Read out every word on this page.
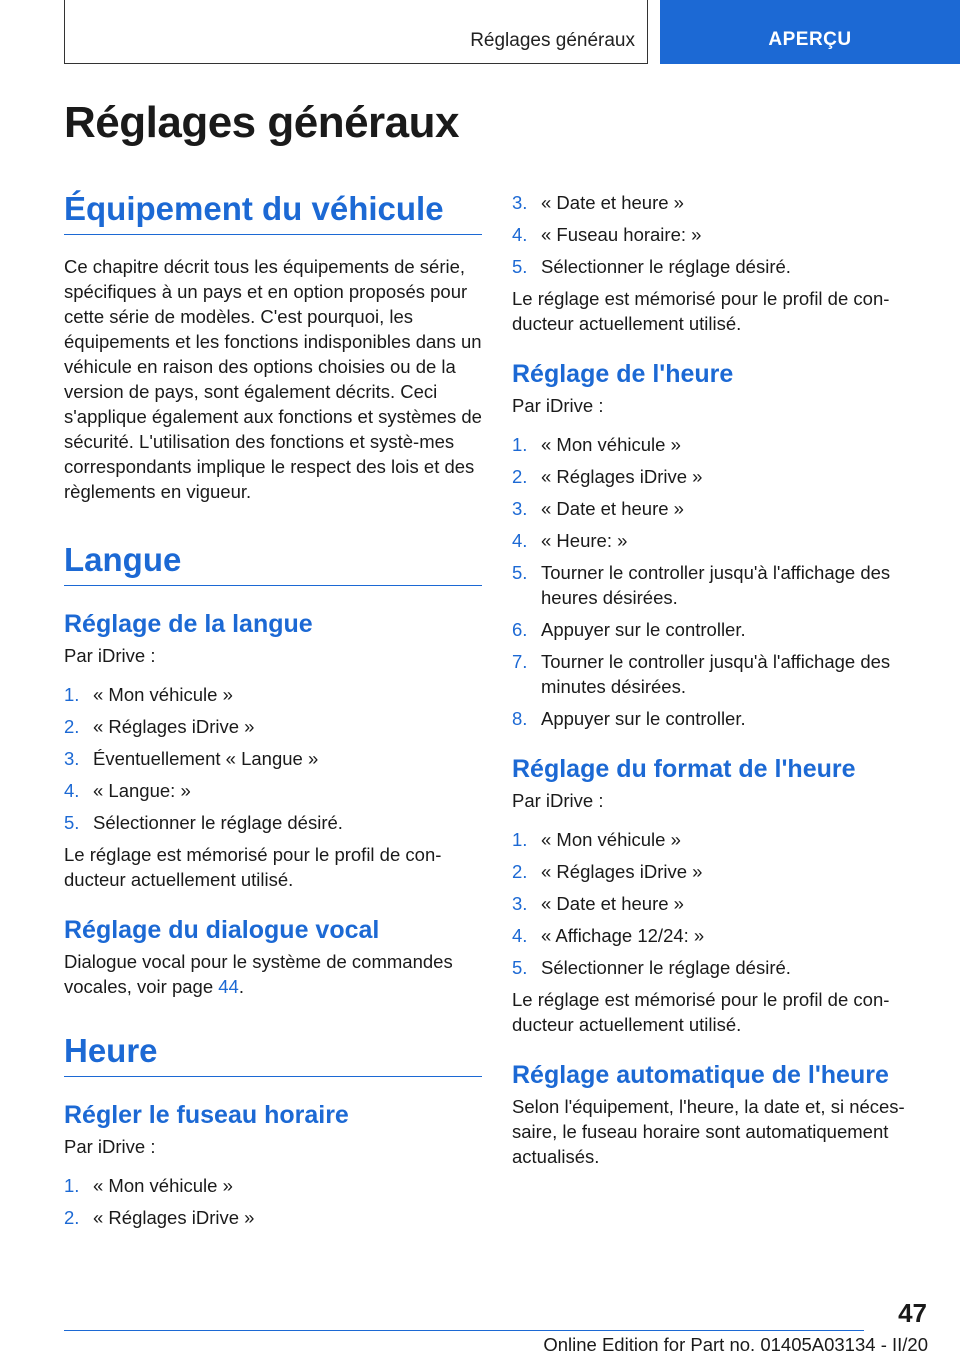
Réglages généraux	APERÇU
Réglages généraux
Équipement du véhicule

Ce chapitre décrit tous les équipements de série, spécifiques à un pays et en option proposés pour cette série de modèles. C'est pourquoi, les équipements et les fonctions indisponibles dans un véhicule en raison des options choisies ou de la version de pays, sont également décrits. Ceci s'applique également aux fonctions et systèmes de sécurité. L'utilisation des fonctions et systè‐mes correspondants implique le respect des lois et des règlements en vigueur.

Langue
Réglage de la langue

Par iDrive :

1. « Mon véhicule »
2. « Réglages iDrive »
3. Éventuellement « Langue »
4. « Langue: »
5. Sélectionner le réglage désiré.

Le réglage est mémorisé pour le profil de con‐ducteur actuellement utilisé.

Réglage du dialogue vocal

Dialogue vocal pour le système de commandes vocales, voir page 44.

Heure
Régler le fuseau horaire

Par iDrive :

1. « Mon véhicule »
2. « Réglages iDrive »
3. « Date et heure »
4. « Fuseau horaire: »
5. Sélectionner le réglage désiré.

Le réglage est mémorisé pour le profil de con‐ducteur actuellement utilisé.

Réglage de l'heure

Par iDrive :

1. « Mon véhicule »
2. « Réglages iDrive »
3. « Date et heure »
4. « Heure: »
5. Tourner le controller jusqu'à l'affichage des heures désirées.
6. Appuyer sur le controller.
7. Tourner le controller jusqu'à l'affichage des minutes désirées.
8. Appuyer sur le controller.
Réglage du format de l'heure

Par iDrive :

1. « Mon véhicule »
2. « Réglages iDrive »
3. « Date et heure »
4. « Affichage 12/24: »
5. Sélectionner le réglage désiré.

Le réglage est mémorisé pour le profil de con‐ducteur actuellement utilisé.

Réglage automatique de l'heure

Selon l'équipement, l'heure, la date et, si néces‐saire, le fuseau horaire sont automatiquement actualisés.

47
Online Edition for Part no. 01405A03134 - II/20
